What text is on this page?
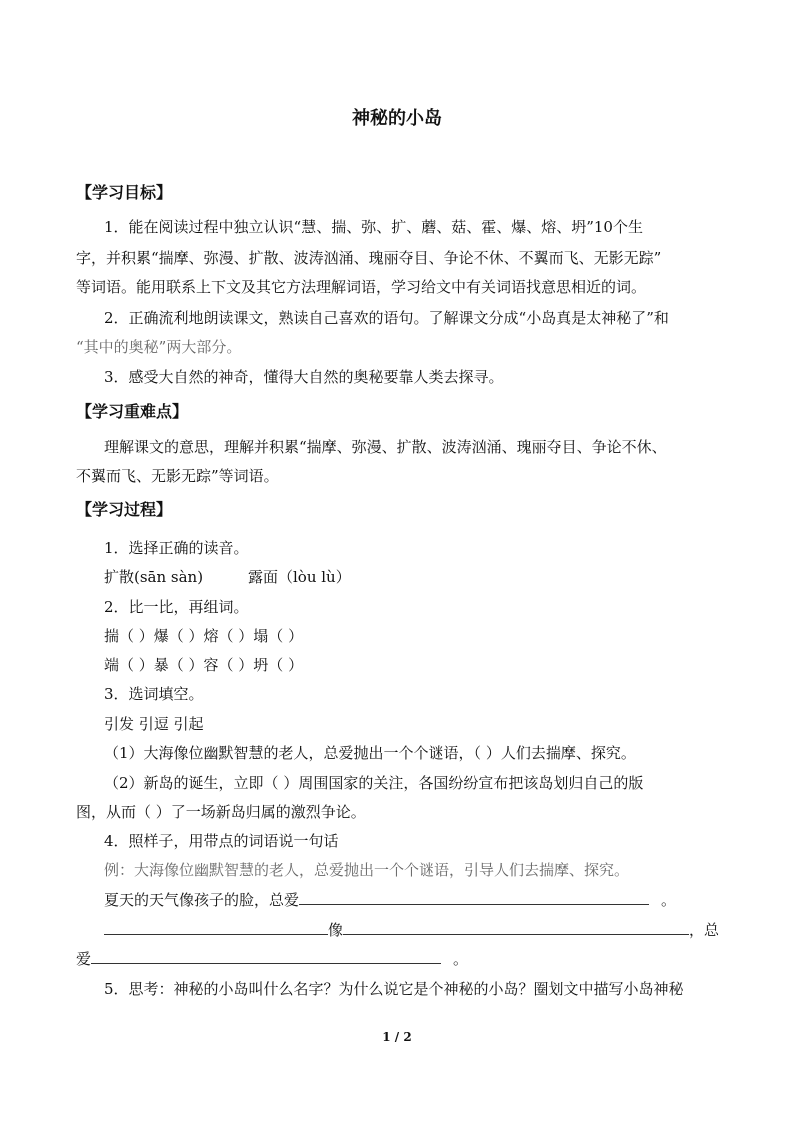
神秘的小岛
【学习目标】
1．能在阅读过程中独立认识“慧、揣、弥、扩、蘑、菇、霍、爆、熔、坍”10个生
字，并积累“揣摩、弥漫、扩散、波涛汹涌、瑰丽夺目、争论不休、不翼而飞、无影无踪”
等词语。能用联系上下文及其它方法理解词语，学习给文中有关词语找意思相近的词。
2．正确流利地朗读课文，熟读自己喜欢的语句。了解课文分成“小岛真是太神秘了”和
“其中的奥秘”两大部分。
3．感受大自然的神奇，懂得大自然的奥秘要靠人类去探寻。
【学习重难点】
理解课文的意思，理解并积累“揣摩、弥漫、扩散、波涛汹涌、瑰丽夺目、争论不休、
不翼而飞、无影无踪”等词语。
【学习过程】
1．选择正确的读音。
扩散(sān sàn)	露面（lòu lù）
2．比一比，再组词。
揣（ ）爆（ ）熔（ ）塌（ ）
端（ ）暴（ ）容（ ）坍（ ）
3．选词填空。
引发 引逗 引起
（1）大海像位幽默智慧的老人，总爱抛出一个个谜语，（ ）人们去揣摩、探究。
（2）新岛的诞生，立即（ ）周围国家的关注，各国纷纷宣布把该岛划归自己的版
图，从而（ ）了一场新岛归属的激烈争论。
4．照样子，用带点的词语说一句话
例：大海像位幽默智慧的老人，总爱抛出一个个谜语，引导人们去揣摩、探究。
夏天的天气像孩子的脸，总爱	。
像	，总
爱	。
5．思考：神秘的小岛叫什么名字？为什么说它是个神秘的小岛？圈划文中描写小岛神秘
1 / 2
